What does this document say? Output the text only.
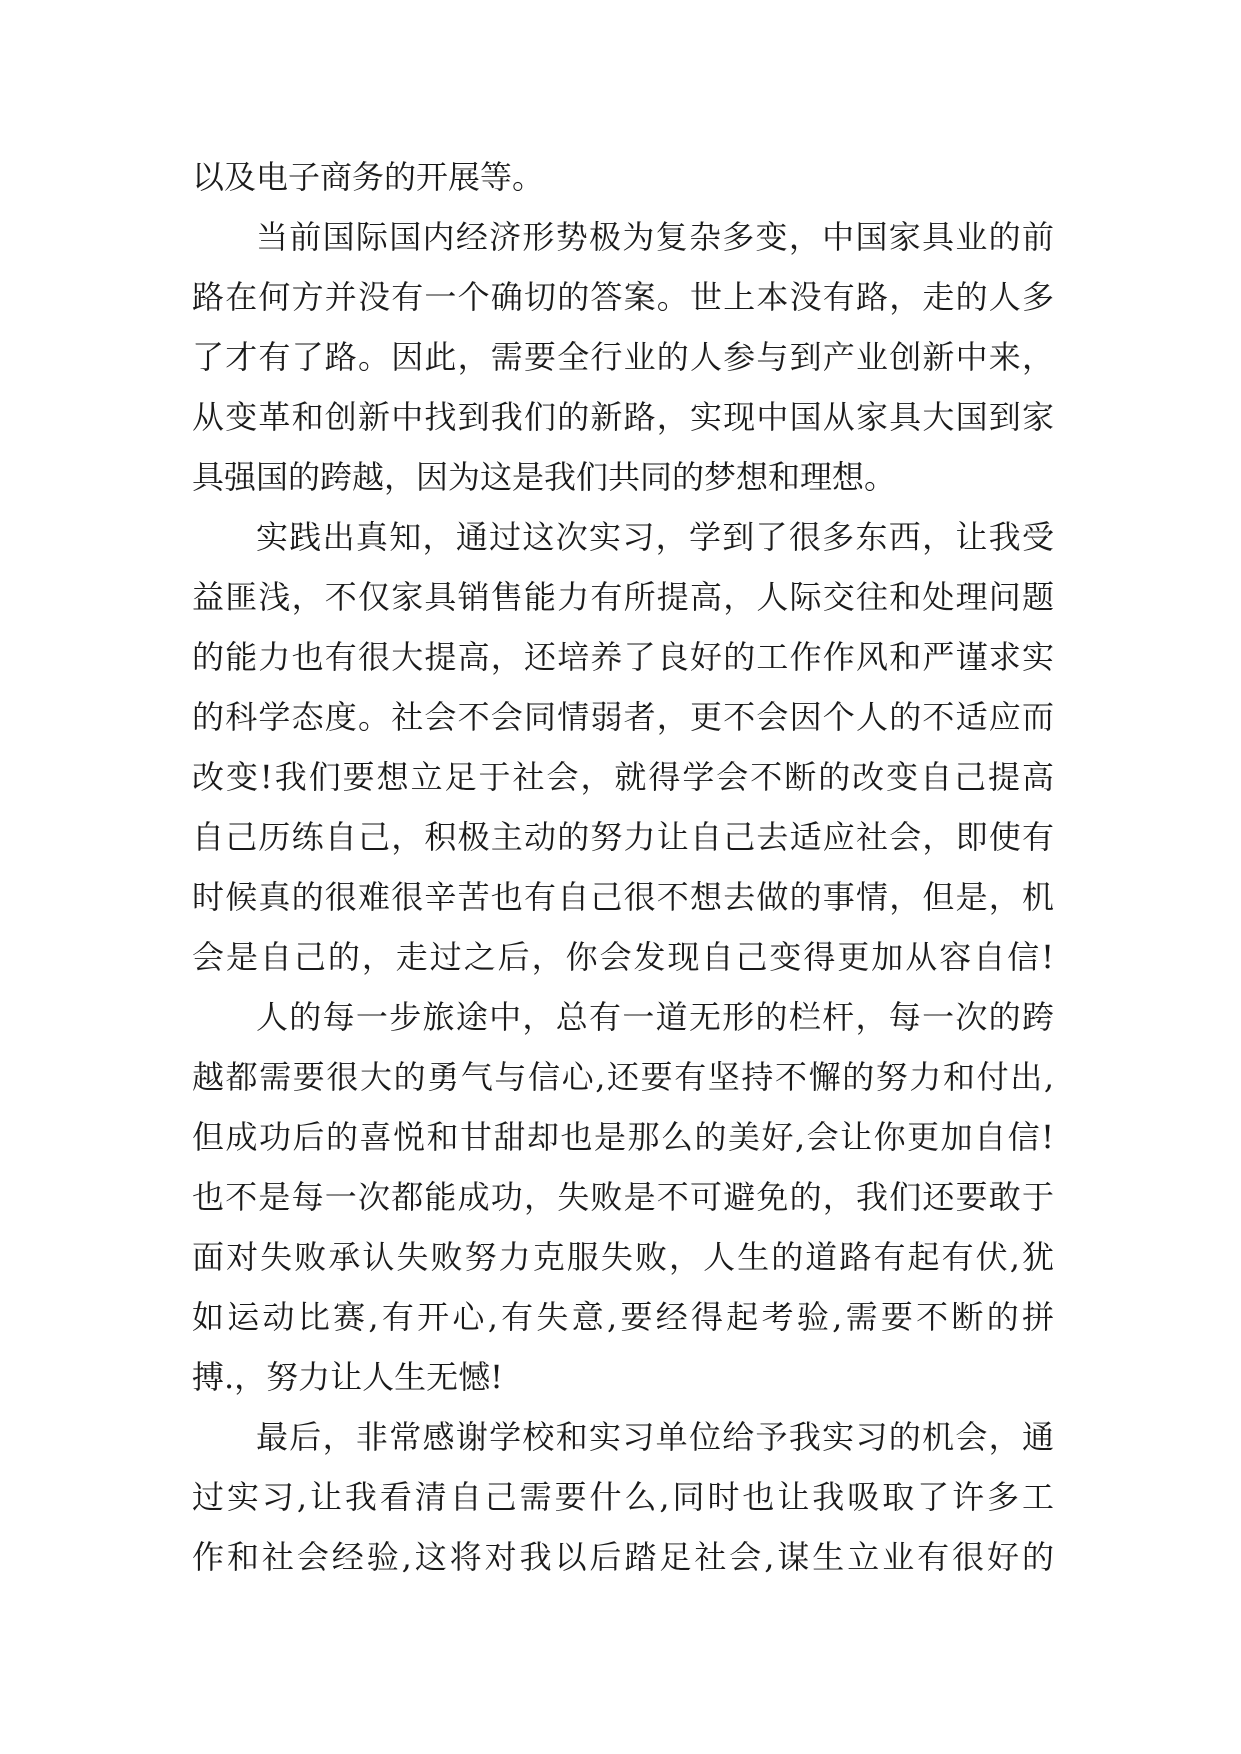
以及电子商务的开展等。
当前国际国内经济形势极为复杂多变，中国家具业的前
路在何方并没有一个确切的答案。世上本没有路，走的人多
了才有了路。因此，需要全行业的人参与到产业创新中来，
从变革和创新中找到我们的新路，实现中国从家具大国到家
具强国的跨越，因为这是我们共同的梦想和理想。
实践出真知，通过这次实习，学到了很多东西，让我受
益匪浅，不仅家具销售能力有所提高，人际交往和处理问题
的能力也有很大提高，还培养了良好的工作作风和严谨求实
的科学态度。社会不会同情弱者，更不会因个人的不适应而
改变!我们要想立足于社会，就得学会不断的改变自己提高
自己历练自己，积极主动的努力让自己去适应社会，即使有
时候真的很难很辛苦也有自己很不想去做的事情，但是，机
会是自己的，走过之后，你会发现自己变得更加从容自信!
人的每一步旅途中，总有一道无形的栏杆，每一次的跨
越都需要很大的勇气与信心,还要有坚持不懈的努力和付出,
但成功后的喜悦和甘甜却也是那么的美好,会让你更加自信!
也不是每一次都能成功，失败是不可避免的，我们还要敢于
面对失败承认失败努力克服失败，人生的道路有起有伏,犹
如运动比赛,有开心,有失意,要经得起考验,需要不断的拼
搏.，努力让人生无憾!
最后，非常感谢学校和实习单位给予我实习的机会，通
过实习,让我看清自己需要什么,同时也让我吸取了许多工
作和社会经验,这将对我以后踏足社会,谋生立业有很好的
